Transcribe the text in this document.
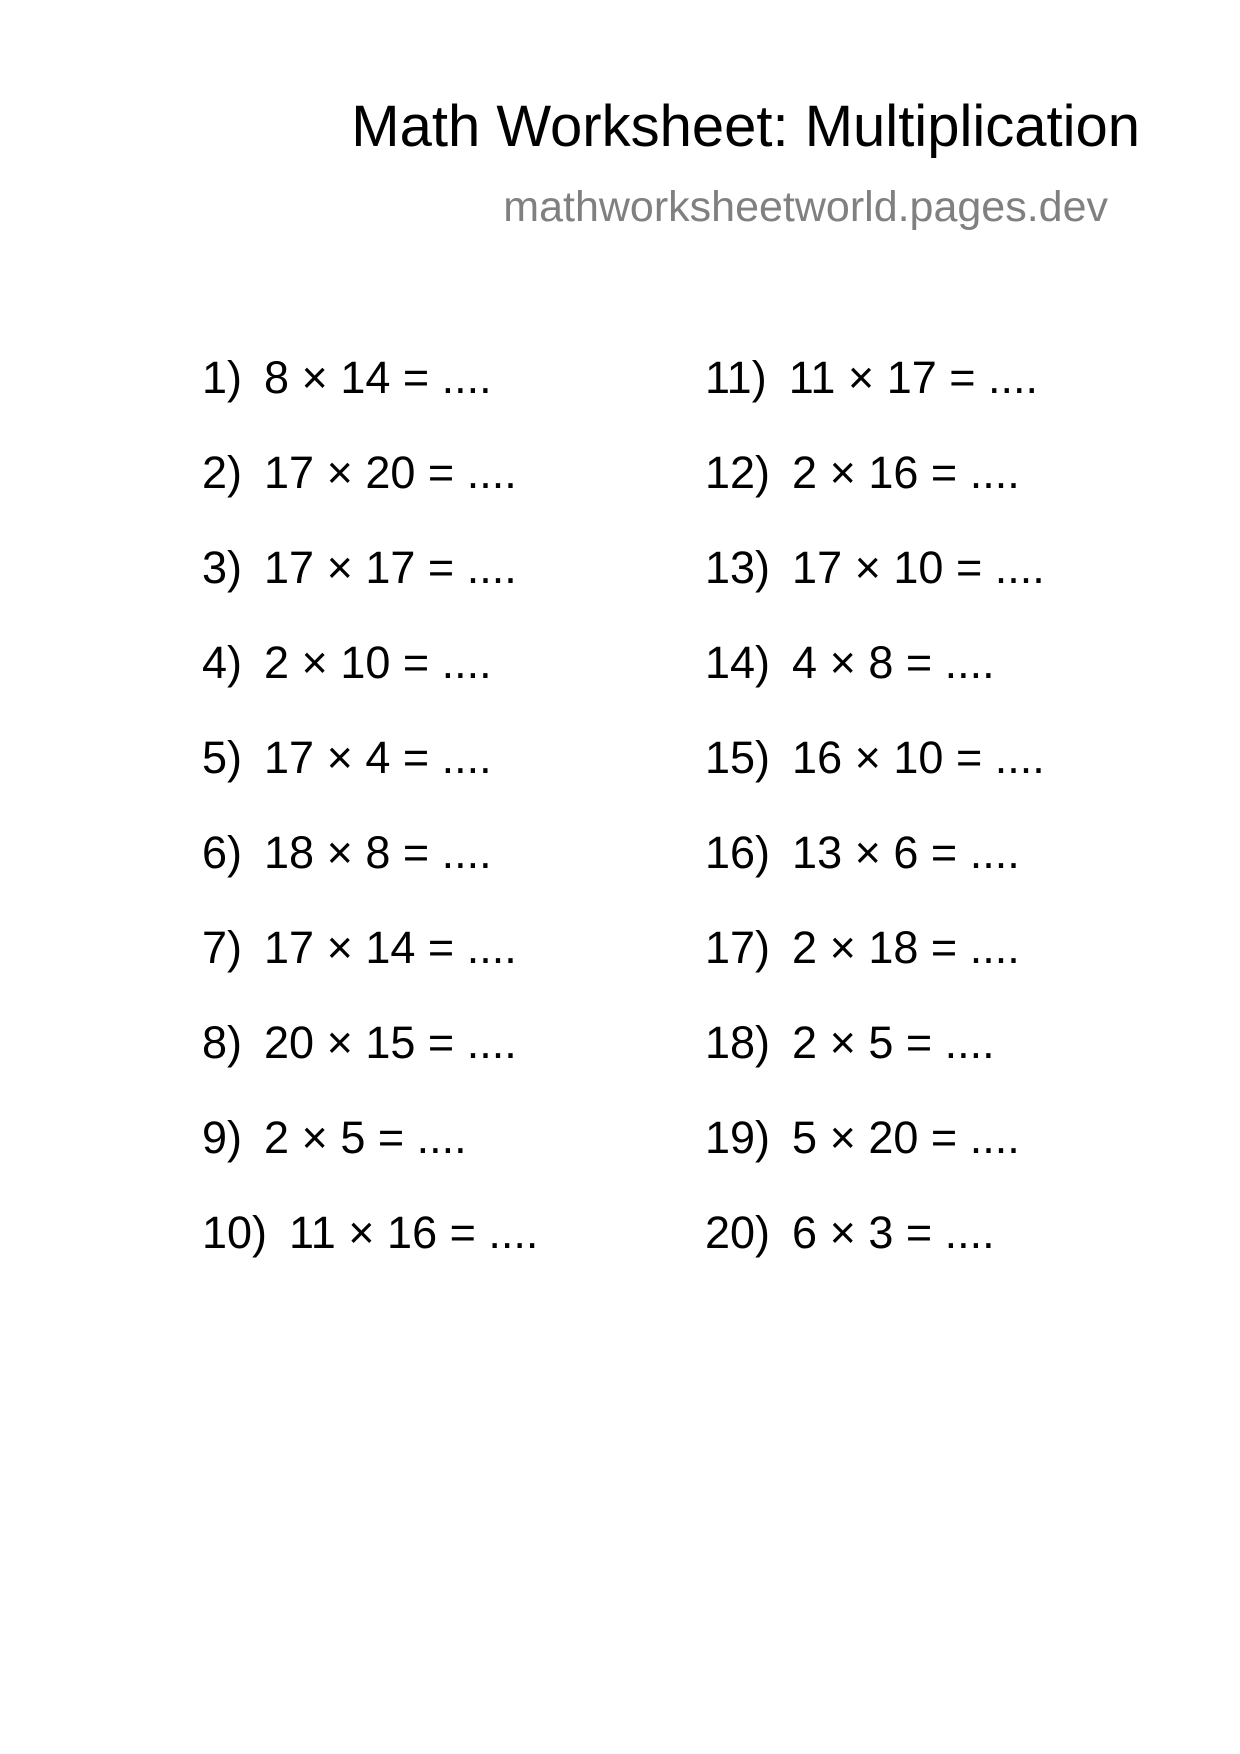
Math Worksheet: Multiplication
mathworksheetworld.pages.dev
1) 8 × 14 = ....
2) 17 × 20 = ....
3) 17 × 17 = ....
4) 2 × 10 = ....
5) 17 × 4 = ....
6) 18 × 8 = ....
7) 17 × 14 = ....
8) 20 × 15 = ....
9) 2 × 5 = ....
10) 11 × 16 = ....
11) 11 × 17 = ....
12) 2 × 16 = ....
13) 17 × 10 = ....
14) 4 × 8 = ....
15) 16 × 10 = ....
16) 13 × 6 = ....
17) 2 × 18 = ....
18) 2 × 5 = ....
19) 5 × 20 = ....
20) 6 × 3 = ....
